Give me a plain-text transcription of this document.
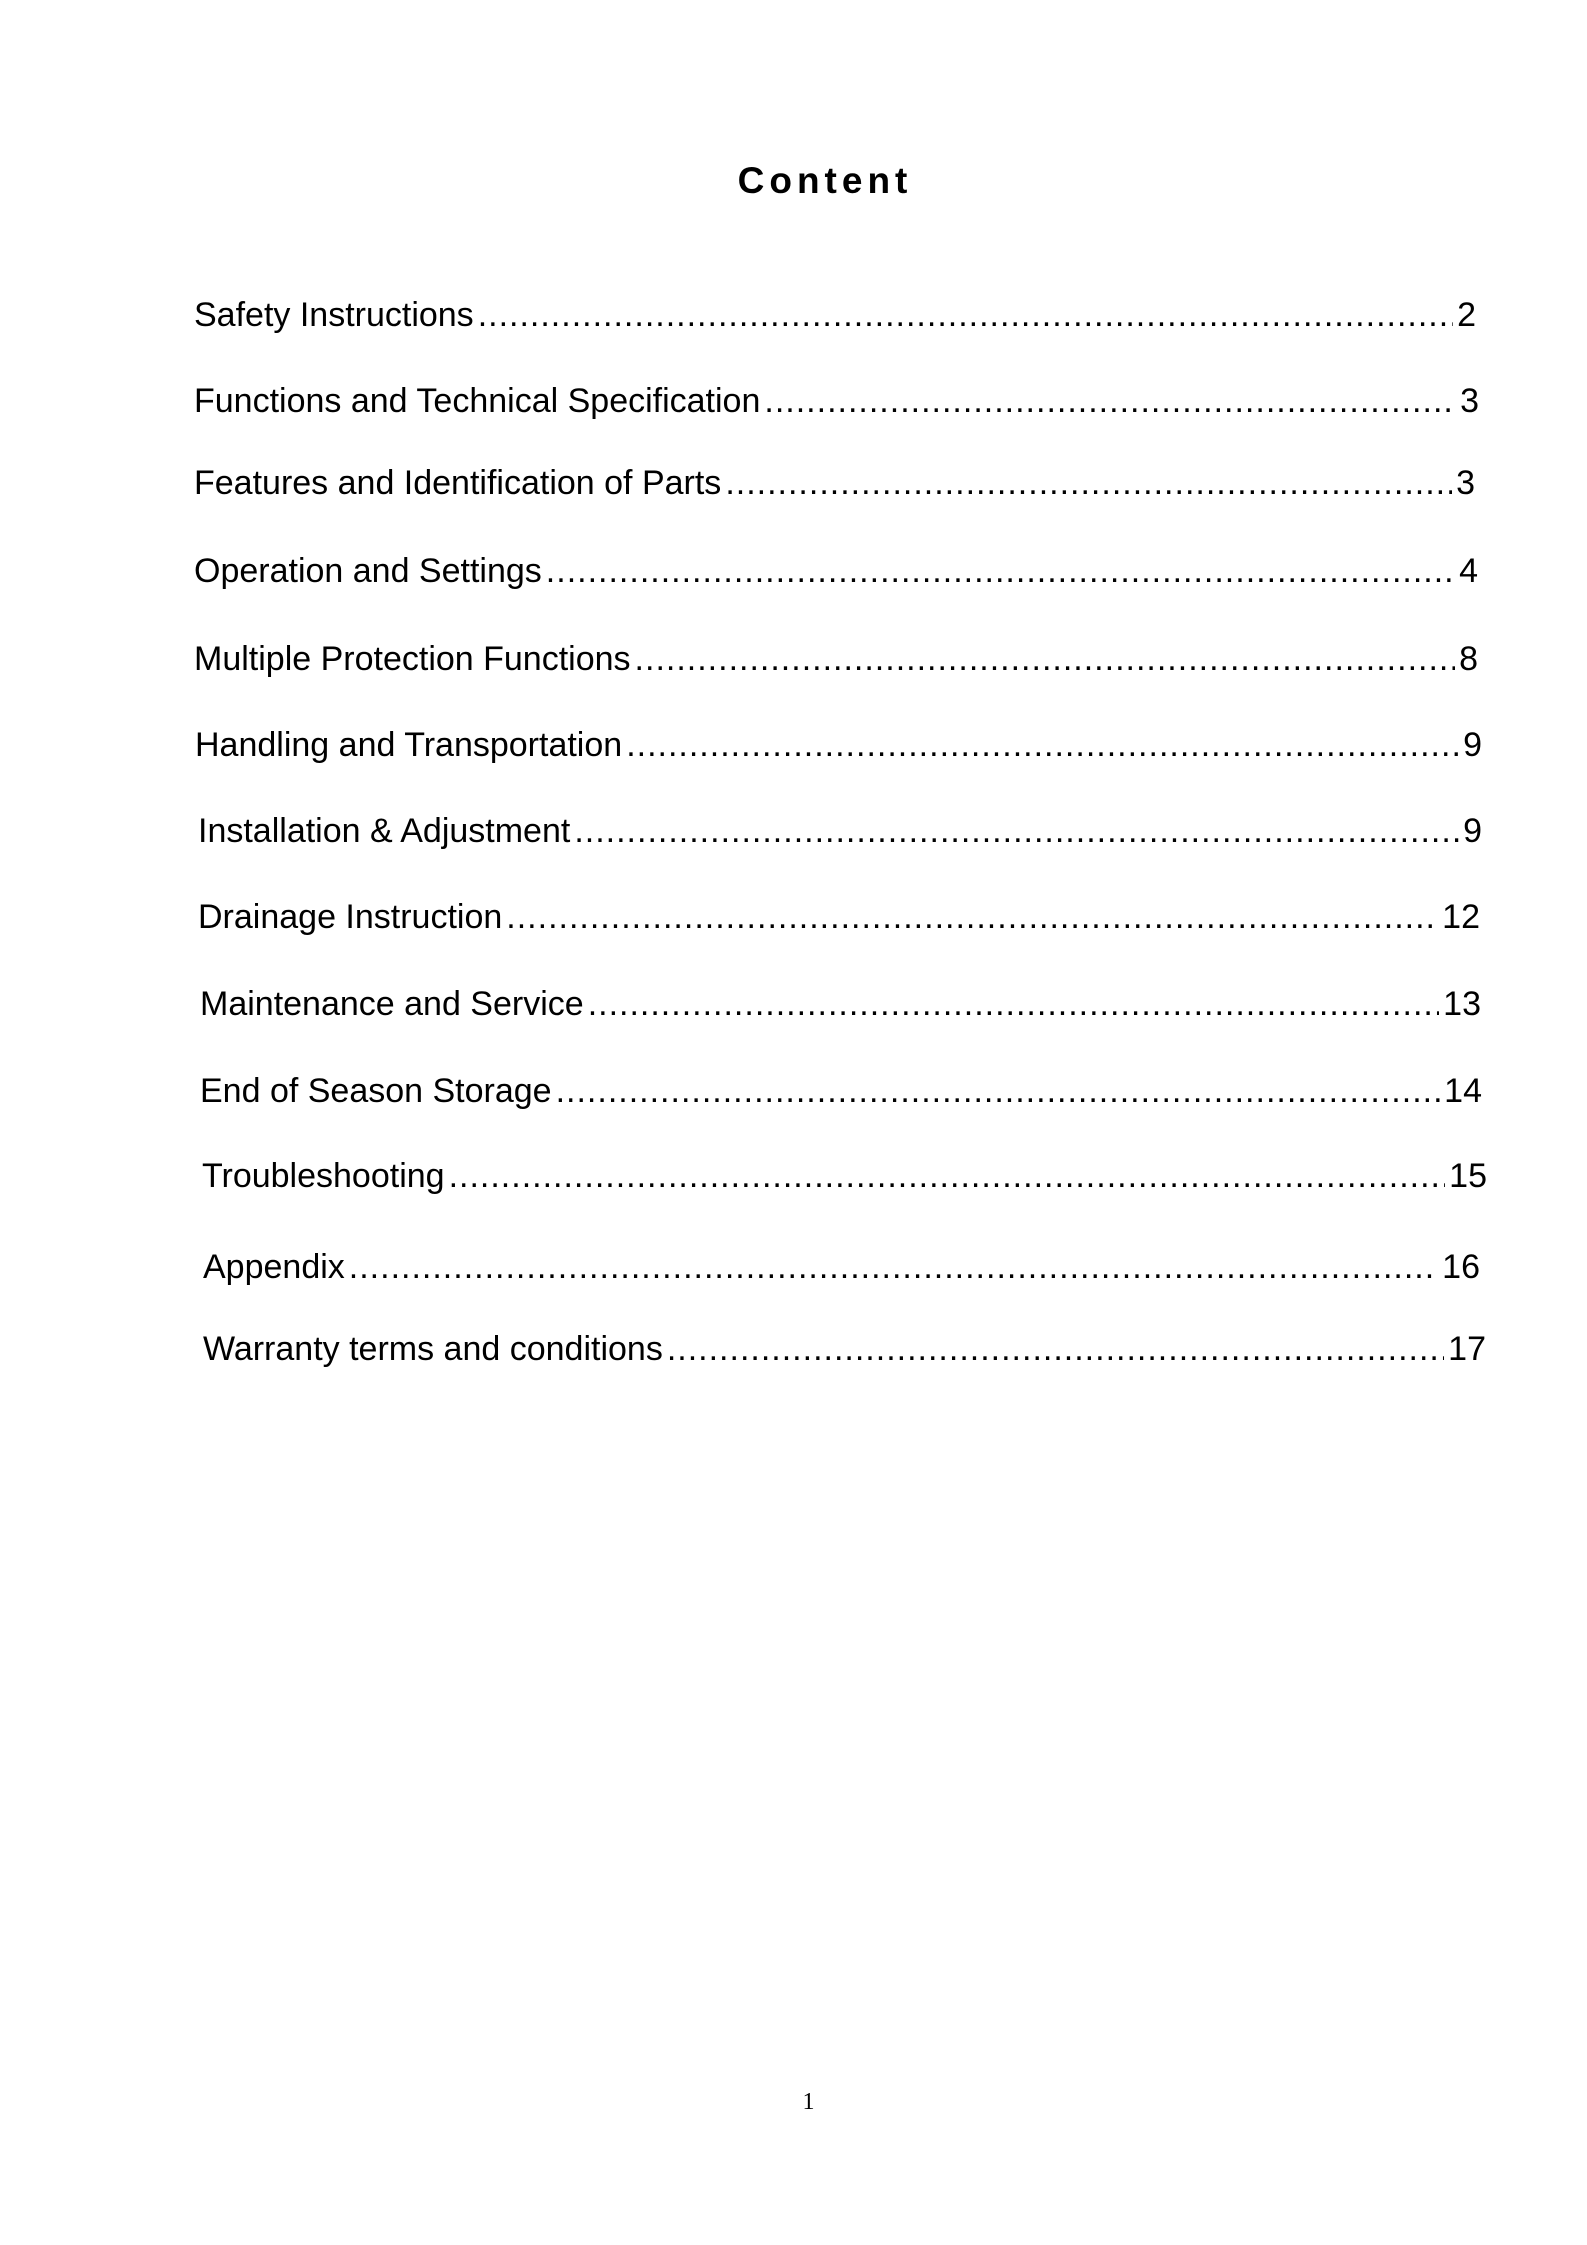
Content
Safety Instructions .....	2
Functions and Technical Specification .....	3
Features and Identification of Parts .....	3
Operation and Settings .....	4
Multiple Protection Functions .....	8
Handling and Transportation .....	9
Installation & Adjustment .....	9
Drainage Instruction .....	12
Maintenance and Service .....	13
End of Season Storage .....	14
Troubleshooting .....	15
Appendix .....	16
Warranty terms and conditions .....	17
1
